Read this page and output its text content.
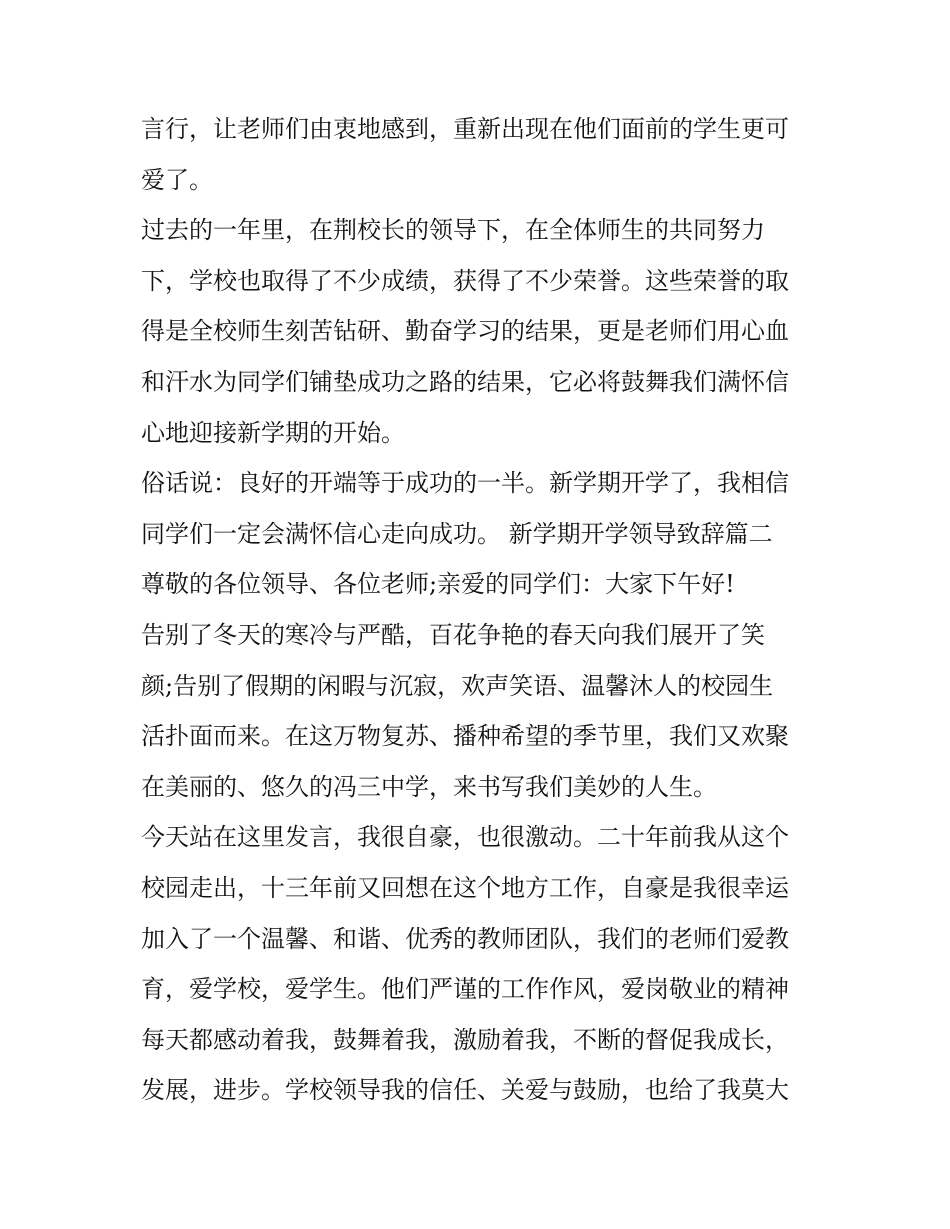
言行，让老师们由衷地感到，重新出现在他们面前的学生更可
爱了。
过去的一年里，在荆校长的领导下，在全体师生的共同努力
下，学校也取得了不少成绩，获得了不少荣誉。这些荣誉的取
得是全校师生刻苦钻研、勤奋学习的结果，更是老师们用心血
和汗水为同学们铺垫成功之路的结果，它必将鼓舞我们满怀信
心地迎接新学期的开始。
俗话说：良好的开端等于成功的一半。新学期开学了，我相信
同学们一定会满怀信心走向成功。 新学期开学领导致辞篇二
尊敬的各位领导、各位老师;亲爱的同学们：大家下午好!
告别了冬天的寒冷与严酷，百花争艳的春天向我们展开了笑
颜;告别了假期的闲暇与沉寂，欢声笑语、温馨沐人的校园生
活扑面而来。在这万物复苏、播种希望的季节里，我们又欢聚
在美丽的、悠久的冯三中学，来书写我们美妙的人生。
今天站在这里发言，我很自豪，也很激动。二十年前我从这个
校园走出，十三年前又回想在这个地方工作，自豪是我很幸运
加入了一个温馨、和谐、优秀的教师团队，我们的老师们爱教
育，爱学校，爱学生。他们严谨的工作作风，爱岗敬业的精神
每天都感动着我，鼓舞着我，激励着我，不断的督促我成长，
发展，进步。学校领导我的信任、关爱与鼓励，也给了我莫大
